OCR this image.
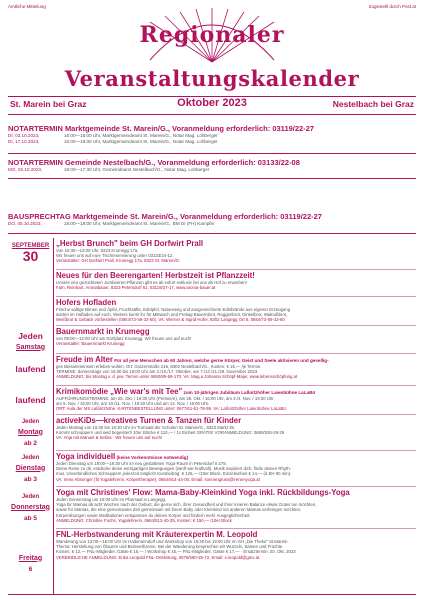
Amtliche Mitteilung	Zugestellt durch Post.at
Regionaler
Veranstaltungskalender
St. Marein bei Graz	Oktober 2023	Nestelbach bei Graz
NOTARTERMIN Marktgemeinde St. Marein/G., Voranmeldung erforderlich: 03119/22-27
DI, 03.10.2023,	16:00—18:00 Uhr, Marktgemeindeamt St. Marein/G., Notar Mag. Lohberger
DI, 17.10.2023,	16:00—18:00 Uhr, Marktgemeindeamt St. Marein/G., Notar Mag. Lohberger
NOTARTERMIN Gemeinde Nestelbach/G., Voranmeldung erforderlich: 03133/22-08
MO, 02.10.2023,	16:00—17:30 Uhr, Gemeindeamt Nestelbach/G., Notar Mag. Lohberger
BAUSPRECHTAG Marktgemeinde St. Marein/G., Voranmeldung erforderlich: 03119/22-27
DO, 05.10.2023,	16:00—18:00 Uhr, Marktgemeindeamt St. Marein/G., BM DI (FH) Kampfer
SEPTEMBER
30
„Herbst Brunch" beim GH Dorfwirt Prall
Von 10:30—13:00 Uhr, 8323 Krumegg 17a.
Wir freuen uns auf eure Tischreservierung unter 03133/24-12.
Veranstalter: GH Dorfwirt Prall, Krumegg 17a, 8323 St. Marein/G.
Neues für den Beerengarten! Herbstzeit ist Pflanzzeit!
Unsere neu gezüchteten Jumbeeren-Pflanzen gibt es ab sofort exklusiv bei uns ab Hof zu erwerben!
Fam. Reinhart, Aroniabauer, 8323 Petersdorf 61, 03119/27-17, www.aronia-bauer.at
Hofers Hofladen
Frische saftige Birnen und Äpfel, Fruchtsäfte, Edelpfel, Naturessig und ausgezeichnete Edelbrände aus eigener Erzeugung
warten im Hofladen auf euch. Weiters konnt ihr für Mittwoch und Freitag Bauernbrot, Roggenbrot, Dinkelbrot, Walnußbrot,
Weißbrot & Gebäck vorbestellen (0664/73-59-33-60). VA: Werner & Ingrid Hofer, 8302 Langegg Ort 6, 0664/73-59-33-60
Jeden
Samstag
Bauernmarkt in Krumegg
von 09:00—12:00 Uhr am Dorfplatz Krumegg. Wir freuen uns auf euch!
Veranstalter: Bauernmarkt Krumegg
laufend
Freude im Alter Für all jene Menschen ab 60 Jahren, welche gerne Körper, Geist und Seele aktivieren und gesellig-
ges Beisammensein erleben wollen, Ort: Grazerstraße 216, 8302 Nestelbach/G., Kosten: € 15,— /je Termin.
TERMINE: donnerstags von 15:30 bis 18:00 Uhr am 3./10./17. Oktober, am 7./14./21./28. November 2023.
ANMELDUNG: bis Montag v. d. jew. Termin unter 0650/85-69-170. VA: Mag.a Johanna Schöpf-Majer, www.lebensschöpfung.at
laufend
Krimikomödie „Wie war's mit Tee" zum 10-jährigen Jubiläum Laßnitzhöher Laienbühne LaLaBü
AUFFÜHRUNGSTERMINE: am 25. Okt. / 19:30 Uhr (Premiere), am 28. Okt. / 16:00 Uhr, am 3./4. Nov. / 19:30 Uhr,
am 5. Nov. / 16:00 Uhr, am 10./11. Nov. / 19:30 Uhr und am 12. Nov. / 16:00 Uhr.
ORT: Aula der MS Laßnitzhöhe. KARTENBESTELLUNG unter: 0677/61-61-78-99. VA: Laßnitzhöher Laienbühne LaLaBü
Jeden
Montag
ab 2
activeKiDs—kreatives Turnen & Tanzen für Kinder
Jeden Montag von 15:30 bis 16:30 Uhr im Turnsaal der Schulen St. Marein/G., 8323 Markt 35.
Kommt schnuppern und seid begeistert! 10er Blöcke € 110,— / 1x Einheit GRATIS! VORANMELDUNG: 0650/526-29-29
VA: Anja mit Manuel & Selina · Wir freuen uns auf euch!
Jeden
Dienstag
ab 3
Yoga individuell (keine Vorkenntnisse notwendig)
Jeden Dienstag um 18:00—19:30 Uhr im neu gestalteten Yoga-Raum in Petersdorf II 275.
Deine Reise zu dir, entdecke deine einzigartigen Bewegungen (sanft wie kraftvoll). Musik inspiriert dich, finde deinen Rhyth-
mus. Unverbindliches Schnuppern jederzeit möglich! Kursbeitrag: € 125,— /10er Block, Einzeleinheit € 14,— (à EH 90 min).
VA: Irene Absenger (fit Yogalehrerin, Körpertherapie), 0664/914-44-00, Email: sonnengruss@ireneAyoga.at
Jeden
Donnerstag
ab 5
Yoga mit Christines' Flow: Mama-Baby-Kleinkind Yoga inkl. Rückbildungs-Yoga
Jeden Donnerstag um 10:00 Uhr im Pfarrsaal in Langegg.
Yoga für Mamas ab acht Wochen nach der Geburt, die gerne sich, ihrer Gesundheit und ihrer inneren Balance etwas Gutes tun möchten,
sowie für Mamas, die eine gemeinsame Zeit gemeinsam mit ihrem Baby oder Kleinkind mit anderen Mamas verbringen möchten.
Körperübungen sowie Meditationen entspannen du deinen Körper und fördern mehr Ausgeglichenheit.
ANMELDUNG: Christine Fuchs, Yogalehrerin, 0664/513-40-25, Kosten: € 150,— /10er Block
Freitag
6
FNL-Herbstwanderung mit Kräuterexpertin M. Leopold
Wanderung von 13:00—15:00 Uhr im Haibmanndorf und Workshop von 15:30 bis 19:00 Uhr im GH „Die Theke" St.Marein.
Thema: Herstellung von Ölauren und Beinwellcreme. Bei der Wanderung besprechen wir Wurzeln, Samen und Früchte.
Kosten: € 12,— FNL-Mitglieder, Gäste € 15,— / Workshop € 15,— FNL-Mitglieder, Gäste € 17,— · Ersatztermin: 20. Okt. 2023
VERBINDLICHE ANMELDUNG: Erika Leopold FNL-Ortsleitung, 0676/690-35-72, Email: e.leopold@gmx.at
